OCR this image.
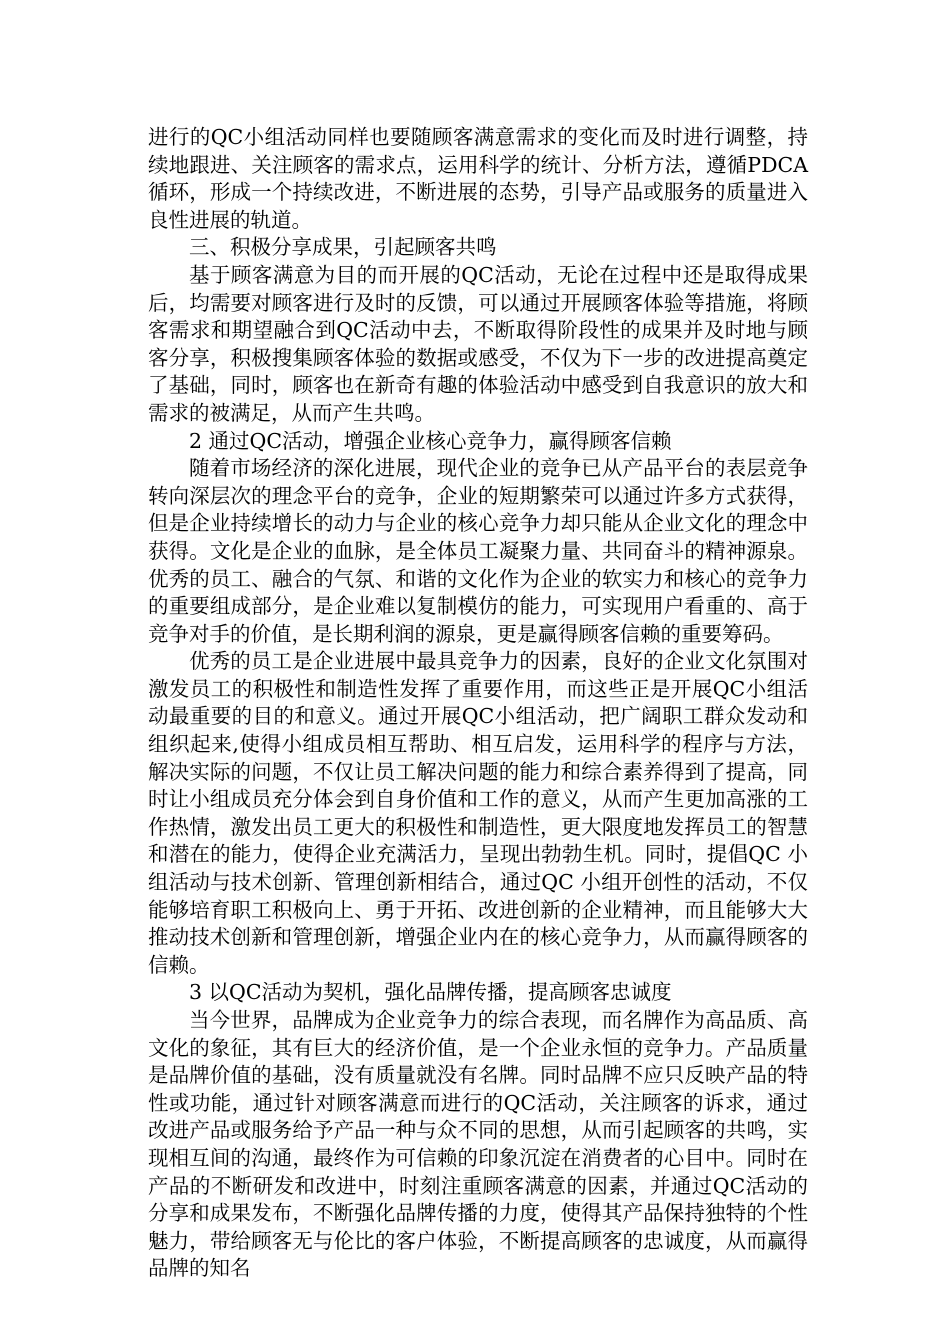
进行的QC小组活动同样也要随顾客满意需求的变化而及时进行调整，持续地跟进、关注顾客的需求点，运用科学的统计、分析方法，遵循PDCA循环，形成一个持续改进，不断进展的态势，引导产品或服务的质量进入良性进展的轨道。

三、积极分享成果，引起顾客共鸣

基于顾客满意为目的而开展的QC活动，无论在过程中还是取得成果后，均需要对顾客进行及时的反馈，可以通过开展顾客体验等措施，将顾客需求和期望融合到QC活动中去，不断取得阶段性的成果并及时地与顾客分享，积极搜集顾客体验的数据或感受，不仅为下一步的改进提高奠定了基础，同时，顾客也在新奇有趣的体验活动中感受到自我意识的放大和需求的被满足，从而产生共鸣。

2 通过QC活动，增强企业核心竞争力，赢得顾客信赖

随着市场经济的深化进展，现代企业的竞争已从产品平台的表层竞争转向深层次的理念平台的竞争，企业的短期繁荣可以通过许多方式获得，但是企业持续增长的动力与企业的核心竞争力却只能从企业文化的理念中获得。文化是企业的血脉，是全体员工凝聚力量、共同奋斗的精神源泉。优秀的员工、融合的气氛、和谐的文化作为企业的软实力和核心的竞争力的重要组成部分，是企业难以复制模仿的能力，可实现用户看重的、高于竞争对手的价值，是长期利润的源泉，更是赢得顾客信赖的重要筹码。

优秀的员工是企业进展中最具竞争力的因素，良好的企业文化氛围对激发员工的积极性和制造性发挥了重要作用，而这些正是开展QC小组活动最重要的目的和意义。通过开展QC小组活动，把广阔职工群众发动和组织起来,使得小组成员相互帮助、相互启发，运用科学的程序与方法，解决实际的问题，不仅让员工解决问题的能力和综合素养得到了提高，同时让小组成员充分体会到自身价值和工作的意义，从而产生更加高涨的工作热情，激发出员工更大的积极性和制造性，更大限度地发挥员工的智慧和潜在的能力，使得企业充满活力，呈现出勃勃生机。同时，提倡QC 小组活动与技术创新、管理创新相结合，通过QC 小组开创性的活动，不仅能够培育职工积极向上、勇于开拓、改进创新的企业精神，而且能够大大推动技术创新和管理创新，增强企业内在的核心竞争力，从而赢得顾客的信赖。

3 以QC活动为契机，强化品牌传播，提高顾客忠诚度

当今世界，品牌成为企业竞争力的综合表现，而名牌作为高品质、高文化的象征，其有巨大的经济价值，是一个企业永恒的竞争力。产品质量是品牌价值的基础，没有质量就没有名牌。同时品牌不应只反映产品的特性或功能，通过针对顾客满意而进行的QC活动，关注顾客的诉求，通过改进产品或服务给予产品一种与众不同的思想，从而引起顾客的共鸣，实现相互间的沟通，最终作为可信赖的印象沉淀在消费者的心目中。同时在产品的不断研发和改进中，时刻注重顾客满意的因素，并通过QC活动的分享和成果发布，不断强化品牌传播的力度，使得其产品保持独特的个性魅力，带给顾客无与伦比的客户体验，不断提高顾客的忠诚度，从而赢得品牌的知名
